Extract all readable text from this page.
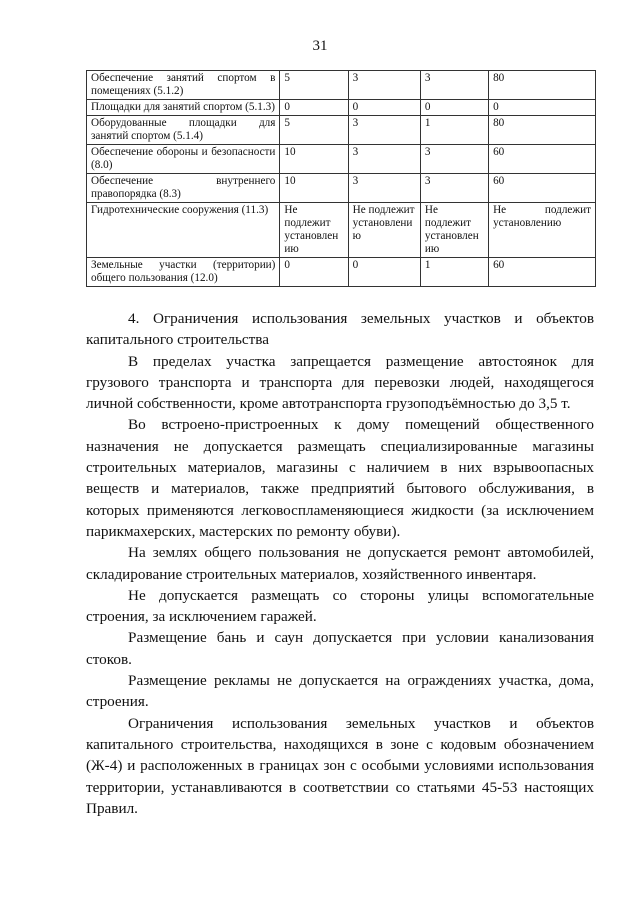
31
Обеспечение занятий спортом в помещениях (5.1.2)	5	3	3	80
Площадки для занятий спортом (5.1.3)	0	0	0	0
Оборудованные площадки для занятий спортом (5.1.4)	5	3	1	80
Обеспечение обороны и безопасности (8.0)	10	3	3	60
Обеспечение внутреннего правопорядка (8.3)	10	3	3	60
Гидротехнические сооружения (11.3)	Не подлежит установлен ию	Не подлежит установлени ю	Не подлежит установлен ию	Не подлежит установлению
Земельные участки (территории) общего пользования (12.0)	0	0	1	60

4. Ограничения использования земельных участков и объектов капитального строительства

В пределах участка запрещается размещение автостоянок для грузового транспорта и транспорта для перевозки людей, находящегося личной собственности, кроме автотранспорта грузоподъёмностью до 3,5 т.

Во встроено-пристроенных к дому помещений общественного назначения не допускается размещать специализированные магазины строительных материалов, магазины с наличием в них взрывоопасных веществ и материалов, также предприятий бытового обслуживания, в которых применяются легковоспламеняющиеся жидкости (за исключением парикмахерских, мастерских по ремонту обуви).

На землях общего пользования не допускается ремонт автомобилей, складирование строительных материалов, хозяйственного инвентаря.

Не допускается размещать со стороны улицы вспомогательные строения, за исключением гаражей.

Размещение бань и саун допускается при условии канализования стоков.

Размещение рекламы не допускается на ограждениях участка, дома, строения.

Ограничения использования земельных участков и объектов капитального строительства, находящихся в зоне с кодовым обозначением (Ж-4) и расположенных в границах зон с особыми условиями использования территории, устанавливаются в соответствии со статьями 45-53 настоящих Правил.
